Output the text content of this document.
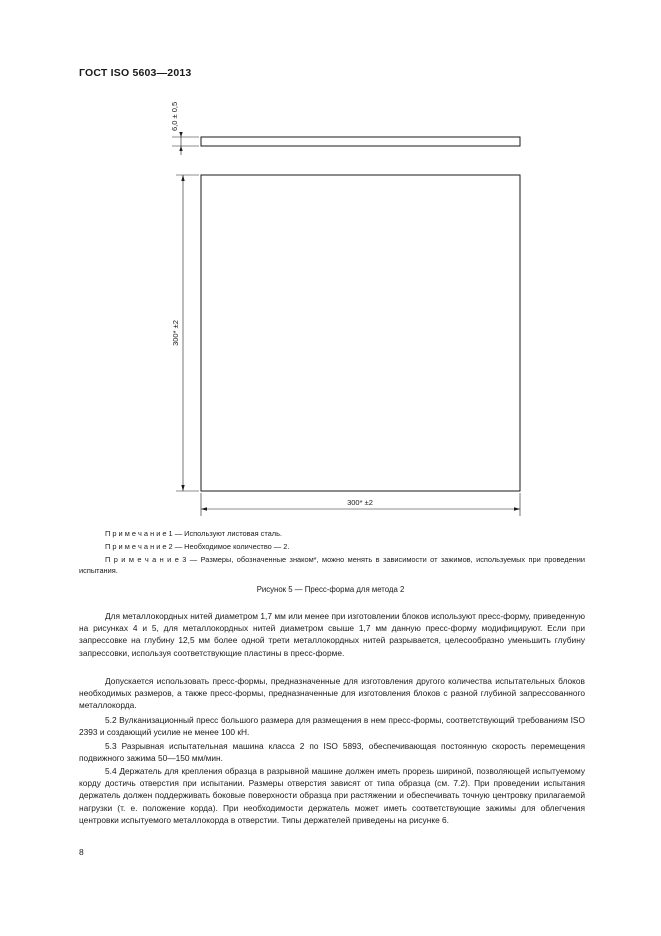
ГОСТ ISO 5603—2013
6,0 ± 0,5
300* ±2
300* ±2
П р и м е ч а н и е 1 — Используют листовая сталь.
П р и м е ч а н и е 2 — Необходимое количество — 2.
П р и м е ч а н и е 3 — Размеры, обозначенные знаком*, можно менять в зависимости от зажимов, используемых при проведении испытания.
Рисунок 5 — Пресс-форма для метода 2

Для металлокордных нитей диаметром 1,7 мм или менее при изготовлении блоков используют пресс-форму, приведенную на рисунках 4 и 5, для металлокордных нитей диаметром свыше 1,7 мм данную пресс-форму модифицируют. Если при запрессовке на глубину 12,5 мм более одной трети металлокордных нитей разрывается, целесообразно уменьшить глубину запрессовки, используя соответствующие пластины в пресс-форме.

Допускается использовать пресс-формы, предназначенные для изготовления другого количества испытательных блоков необходимых размеров, а также пресс-формы, предназначенные для изготовления блоков с разной глубиной запрессованного металлокорда.

5.2 Вулканизационный пресс большого размера для размещения в нем пресс-формы, соответствующий требованиям ISO 2393 и создающий усилие не менее 100 кН.

5.3 Разрывная испытательная машина класса 2 по ISO 5893, обеспечивающая постоянную скорость перемещения подвижного зажима 50—150 мм/мин.

5.4 Держатель для крепления образца в разрывной машине должен иметь прорезь шириной, позволяющей испытуемому корду достичь отверстия при испытании. Размеры отверстия зависят от типа образца (см. 7.2). При проведении испытания держатель должен поддерживать боковые поверхности образца при растяжении и обеспечивать точную центровку прилагаемой нагрузки (т. е. положение корда). При необходимости держатель может иметь соответствующие зажимы для облегчения центровки испытуемого металлокорда в отверстии. Типы держателей приведены на рисунке 6.

8
